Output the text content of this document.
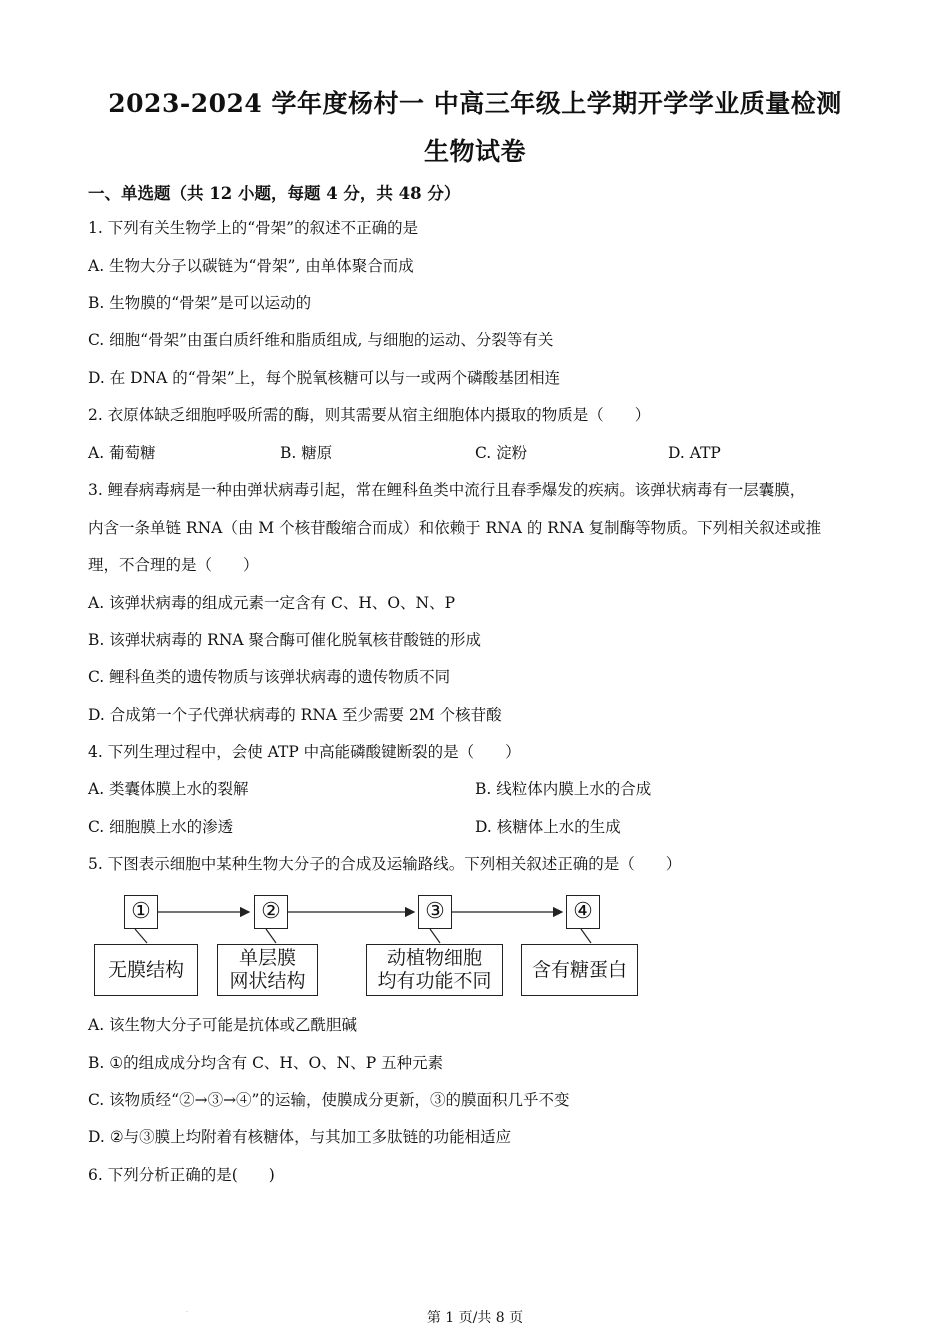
2023-2024 学年度杨村一 中高三年级上学期开学学业质量检测
生物试卷
一、单选题（共 12 小题，每题 4 分，共 48 分）
1. 下列有关生物学上的“骨架”的叙述不正确的是
A. 生物大分子以碳链为“骨架”, 由单体聚合而成
B. 生物膜的“骨架”是可以运动的
C. 细胞“骨架”由蛋白质纤维和脂质组成, 与细胞的运动、分裂等有关
D. 在 DNA 的“骨架”上，每个脱氧核糖可以与一或两个磷酸基团相连
2. 衣原体缺乏细胞呼吸所需的酶，则其需要从宿主细胞体内摄取的物质是（　　）
A. 葡萄糖	B. 糖原	C. 淀粉	D. ATP
3. 鲤春病毒病是一种由弹状病毒引起，常在鲤科鱼类中流行且春季爆发的疾病。该弹状病毒有一层囊膜，
内含一条单链 RNA（由 M 个核苷酸缩合而成）和依赖于 RNA 的 RNA 复制酶等物质。下列相关叙述或推
理，不合理的是（　　）
A. 该弹状病毒的组成元素一定含有 C、H、O、N、P
B. 该弹状病毒的 RNA 聚合酶可催化脱氧核苷酸链的形成
C. 鲤科鱼类的遗传物质与该弹状病毒的遗传物质不同
D. 合成第一个子代弹状病毒的 RNA 至少需要 2M 个核苷酸
4. 下列生理过程中，会使 ATP 中高能磷酸键断裂的是（　　）
A. 类囊体膜上水的裂解	B. 线粒体内膜上水的合成
C. 细胞膜上水的渗透	D. 核糖体上水的生成
5. 下图表示细胞中某种生物大分子的合成及运输路线。下列相关叙述正确的是（　　）
①	②	③	④
无膜结构
单层膜
网状结构
动植物细胞
均有功能不同
含有糖蛋白
A. 该生物大分子可能是抗体或乙酰胆碱
B. ①的组成成分均含有 C、H、O、N、P 五种元素
C. 该物质经“②→③→④”的运输，使膜成分更新，③的膜面积几乎不变
D. ②与③膜上均附着有核糖体，与其加工多肽链的功能相适应
6. 下列分析正确的是(　　)
·	第 1 页/共 8 页
